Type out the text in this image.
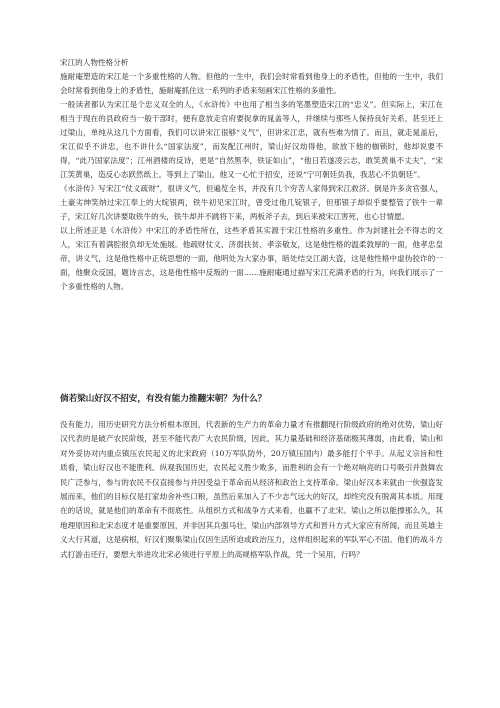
宋江的人物性格分析

施耐庵塑造的宋江是一个多重性格的人物。但他的一生中，我们会时常看到他身上的矛盾性，但他的一生中，我们会时常看到他身上的矛盾性，施耐庵抓住这一系列的矛盾来刻画宋江性格的多重性。

一般读者都认为宋江是个忠义双全的人，《水浒传》中也用了相当多的笔墨塑造宋江的“忠义”。但实际上，宋江在相当于现在的县政府当一般干部时，便有意放走官府要捉拿的晁盖等人，并继续与那些人保持良好关系，甚至还上过梁山，单纯从这几个方面看，我们可以讲宋江很够“义气”，但讲宋江忠，就有些难为情了。而且，就走晁盖后，宋江似乎不讲忠，也不讲什么“国家法度”，而发配江州时，梁山好汉劫得他，欲放下他的枷锁时，他却说要不得，“此乃国家法度”；江州酒楼的反诗，更是“自然黑李，铁证如山”，“他日若遂凌云志，敢笑黄巢不丈夫”，“宋江笑黄巢，造反心态跃然纸上，等到上了梁山，他又一心忙于招安，还说“宁可朝廷负我，我悲心不负朝廷”。

《水浒传》写宋江“仗义疏财”，很讲义气，但遍览全书，并没有几个穷苦人家得到宋江救济。倒是许多贪官强人，土豪劣绅笑纳过宋江奉上的大绽银两，铁牛初见宋江时，曾受过他几锭银子，但那银子却似乎要整管了铁牛一辈子，宋江好几次讲要取铁牛的头，铁牛却并不跳将下来，两板斧子去，到后来被宋江害死，也心甘情愿。

以上所述正是《水浒传》中宋江的矛盾性所在，这些矛盾其实源于宋江性格的多重性。作为封建社会不得志的文人，宋江有着满腔报负却无处施展。他疏财仗义、济弱扶贫、孝亲敬友，这是他性格的温柔敦厚的一面，他孝忠皇帝，讲义气，这是他性格中正统思想的一面，他明处为大家办事，暗处结交江湖大盗，这是他性格中虚伪狡诈的一面，他聚众反国，题诗言志，这是他性格中反叛的一面……施耐庵通过描写宋江充满矛盾的行为，向我们展示了一个多重性格的人物。

倘若梁山好汉不招安，有没有能力推翻宋朝？为什么？

没有能力。用历史研究方法分析根本原因，代表新的生产力的革命力量才有推翻现行阶级政府的绝对优势，梁山好汉代表的是破产农民阶级，甚至不能代表广大农民阶级，因此，其力量基础和经济基础极其薄弱，由此看，梁山和对外妥协对内重点镇压农民起义的北宋政府（10万军队防外，20万镇压国内）最多能打个平手。从起义宗旨和性质看，梁山好汉也不能胜利。纵观我国历史，农民起义胜少败多，而胜利的会有一个绝对响亮的口号吸引并鼓舞农民广泛参与，参与的农民不仅直接参与并因受益于革命而从经济和政治上支持革命。梁山好汉本来就由一伙强盗发展而来，他们的目标仅是打家劫舍补些口粮，虽然后来加入了不少志气远大的好汉，却终究没有脱离其本质。用现在的话说，就是他们的革命有不彻底性。从组织方式和战争方式来看，也赢不了北宋。梁山之所以能撑那么久，其地理原因和北宋态度才是重要原因，并非因其兵强马壮，梁山内部领导方式和晋升方式大家应有所闻，而且英雄主义大行其道，这是病根，好汉们聚集梁山仅因生活所迫或政治压力，这样组织起来的军队军心不固。他们的战斗方式打游击还行，要想大举进攻北宋必须进行平原上的高规格军队作战，凭一个吴用，行吗？
